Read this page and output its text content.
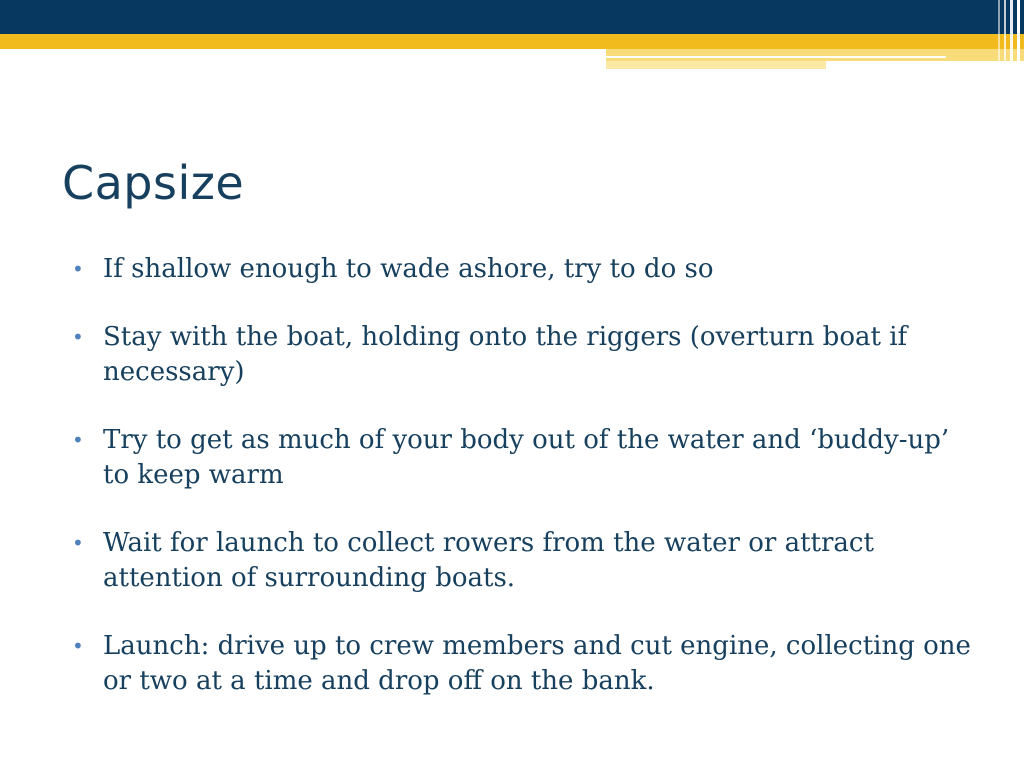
Capsize
• If shallow enough to wade ashore, try to do so
• Stay with the boat, holding onto the riggers (overturn boat if necessary)
• Try to get as much of your body out of the water and ‘buddy-up’ to keep warm
• Wait for launch to collect rowers from the water or attract attention of surrounding boats.
• Launch: drive up to crew members and cut engine, collecting one or two at a time and drop off on the bank.
